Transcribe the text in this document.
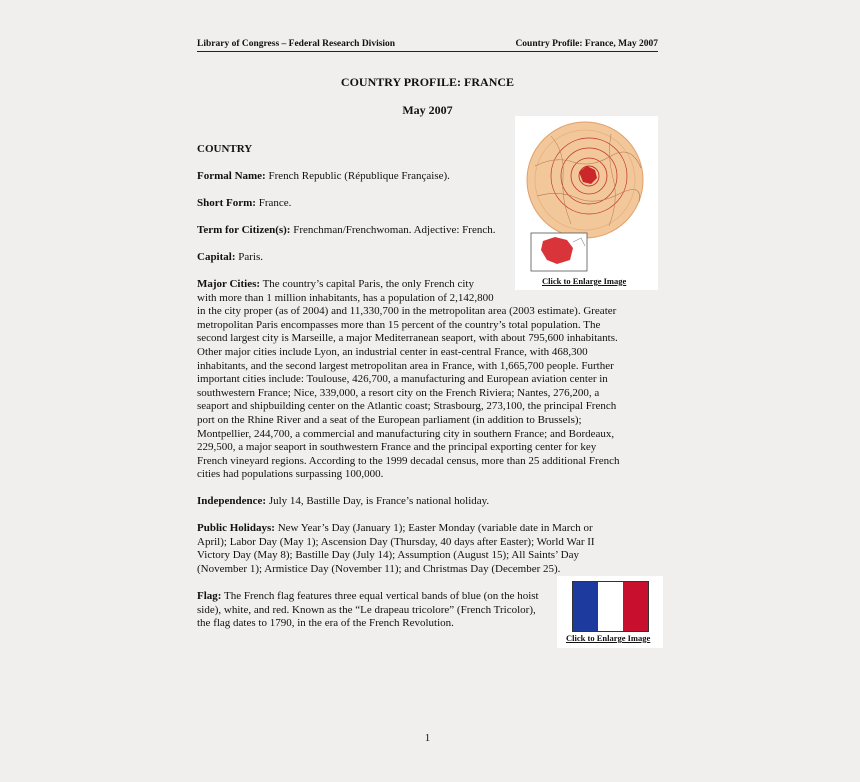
Library of Congress – Federal Research Division	Country Profile: France, May 2007
COUNTRY PROFILE: FRANCE
May 2007
COUNTRY
Formal Name: French Republic (République Française).
Short Form: France.
Term for Citizen(s): Frenchman/Frenchwoman. Adjective: French.
Capital: Paris.
Major Cities: The country’s capital Paris, the only French city
with more than 1 million inhabitants, has a population of 2,142,800
in the city proper (as of 2004) and 11,330,700 in the metropolitan area (2003 estimate). Greater
metropolitan Paris encompasses more than 15 percent of the country’s total population. The
second largest city is Marseille, a major Mediterranean seaport, with about 795,600 inhabitants.
Other major cities include Lyon, an industrial center in east-central France, with 468,300
inhabitants, and the second largest metropolitan area in France, with 1,665,700 people. Further
important cities include: Toulouse, 426,700, a manufacturing and European aviation center in
southwestern France; Nice, 339,000, a resort city on the French Riviera; Nantes, 276,200, a
seaport and shipbuilding center on the Atlantic coast; Strasbourg, 273,100, the principal French
port on the Rhine River and a seat of the European parliament (in addition to Brussels);
Montpellier, 244,700, a commercial and manufacturing city in southern France; and Bordeaux,
229,500, a major seaport in southwestern France and the principal exporting center for key
French vineyard regions. According to the 1999 decadal census, more than 25 additional French
cities had populations surpassing 100,000.
Independence: July 14, Bastille Day, is France’s national holiday.
Public Holidays: New Year’s Day (January 1); Easter Monday (variable date in March or
April); Labor Day (May 1); Ascension Day (Thursday, 40 days after Easter); World War II
Victory Day (May 8); Bastille Day (July 14); Assumption (August 15); All Saints’ Day
(November 1); Armistice Day (November 11); and Christmas Day (December 25).
Flag: The French flag features three equal vertical bands of blue (on the hoist
side), white, and red. Known as the “Le drapeau tricolore” (French Tricolor),
the flag dates to 1790, in the era of the French Revolution.
Click to Enlarge Image
Click to Enlarge Image
1
